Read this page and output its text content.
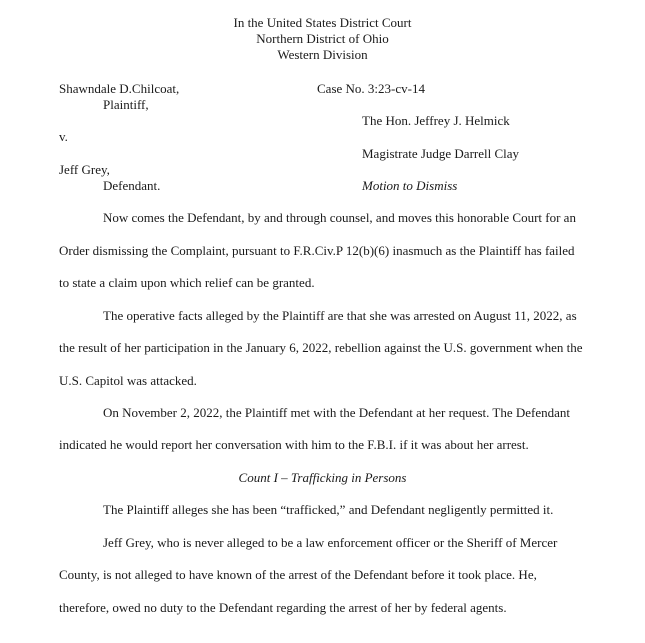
In the United States District Court
Northern District of Ohio
Western Division
Shawndale D.Chilcoat,
Plaintiff,
v.
Jeff Grey,
Defendant.
Case No. 3:23-cv-14
The Hon. Jeffrey J. Helmick
Magistrate Judge Darrell Clay
Motion to Dismiss
Now comes the Defendant, by and through counsel, and moves this honorable Court for an
Order dismissing the Complaint, pursuant to F.R.Civ.P 12(b)(6) inasmuch as the Plaintiff has failed
to state a claim upon which relief can be granted.
The operative facts alleged by the Plaintiff are that she was arrested on August 11, 2022, as
the result of her participation in the January 6, 2022, rebellion against the U.S. government when the
U.S. Capitol was attacked.
On November 2, 2022, the Plaintiff met with the Defendant at her request. The Defendant
indicated he would report her conversation with him to the F.B.I. if it was about her arrest.
Count I – Trafficking in Persons
The Plaintiff alleges she has been “trafficked,” and Defendant negligently permitted it.
Jeff Grey, who is never alleged to be a law enforcement officer or the Sheriff of Mercer
County, is not alleged to have known of the arrest of the Defendant before it took place. He,
therefore, owed no duty to the Defendant regarding the arrest of her by federal agents.
